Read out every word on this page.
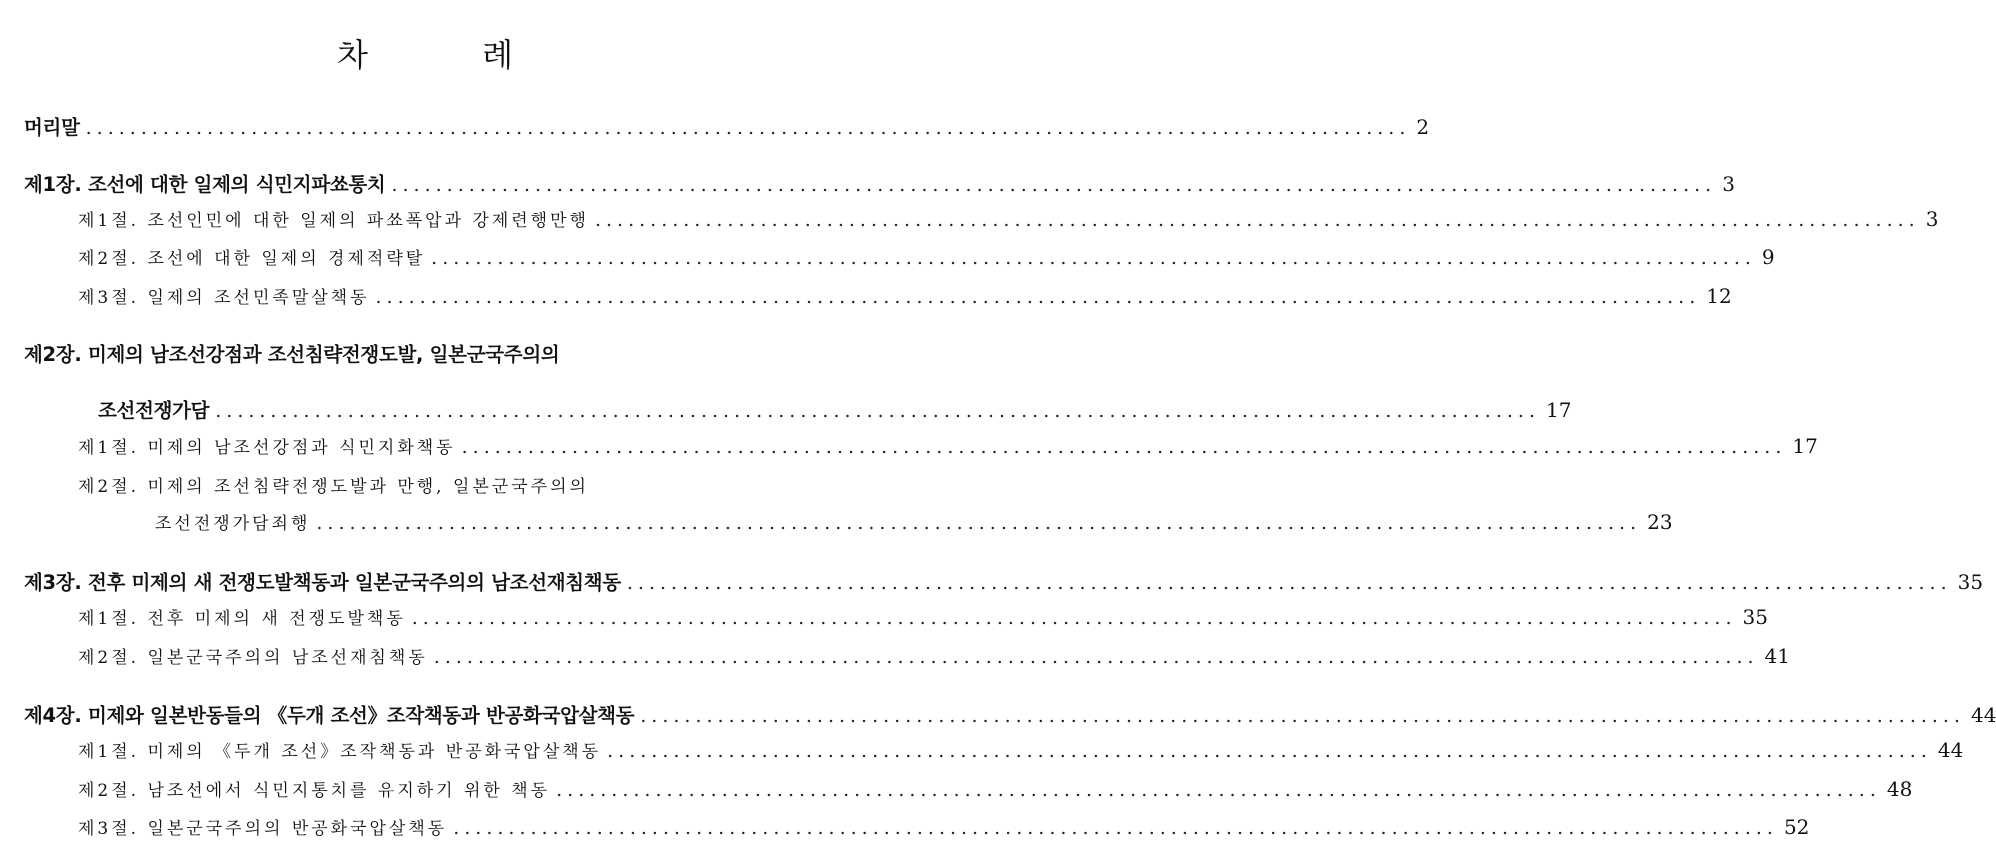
차 례
머리말 ........................................................................................................................ 2
제1장. 조선에 대한 일제의 식민지파쑈통치 ........................................................................................................................ 3
제1절. 조선인민에 대한 일제의 파쑈폭압과 강제련행만행 ........................................................................................................................ 3
제2절. 조선에 대한 일제의 경제적략탈 ........................................................................................................................ 9
제3절. 일제의 조선민족말살책동 ........................................................................................................................ 12
제2장. 미제의 남조선강점과 조선침략전쟁도발, 일본군국주의의
조선전쟁가담 ........................................................................................................................ 17
제1절. 미제의 남조선강점과 식민지화책동 ........................................................................................................................ 17
제2절. 미제의 조선침략전쟁도발과 만행, 일본군국주의의
조선전쟁가담죄행 ........................................................................................................................ 23
제3장. 전후 미제의 새 전쟁도발책동과 일본군국주의의 남조선재침책동 ........................................................................................................................ 35
제1절. 전후 미제의 새 전쟁도발책동 ........................................................................................................................ 35
제2절. 일본군국주의의 남조선재침책동 ........................................................................................................................ 41
제4장. 미제와 일본반동들의 《두개 조선》조작책동과 반공화국압살책동 ........................................................................................................................ 44
제1절. 미제의 《두개 조선》조작책동과 반공화국압살책동 ........................................................................................................................ 44
제2절. 남조선에서 식민지통치를 유지하기 위한 책동 ........................................................................................................................ 48
제3절. 일본군국주의의 반공화국압살책동 ........................................................................................................................ 52
